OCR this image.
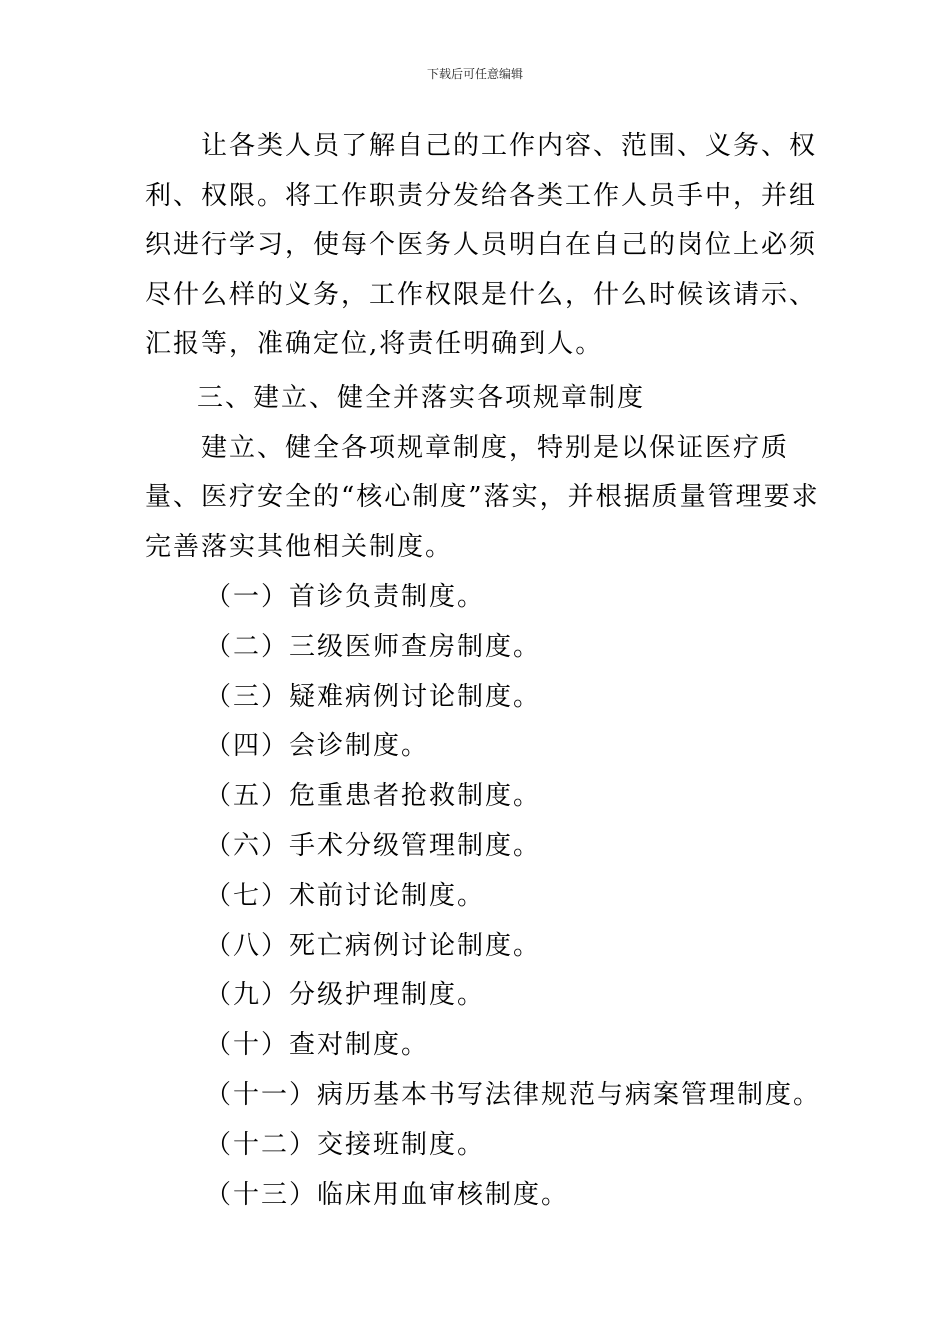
下载后可任意编辑

让各类人员了解自己的工作内容、范围、义务、权利、权限。将工作职责分发给各类工作人员手中，并组织进行学习，使每个医务人员明白在自己的岗位上必须尽什么样的义务，工作权限是什么，什么时候该请示、汇报等，准确定位,将责任明确到人。

三、建立、健全并落实各项规章制度

建立、健全各项规章制度，特别是以保证医疗质量、医疗安全的“核心制度”落实，并根据质量管理要求完善落实其他相关制度。

（一）首诊负责制度。
（二）三级医师查房制度。
（三）疑难病例讨论制度。
（四）会诊制度。
（五）危重患者抢救制度。
（六）手术分级管理制度。
（七）术前讨论制度。
（八）死亡病例讨论制度。
（九）分级护理制度。
（十）查对制度。
（十一）病历基本书写法律规范与病案管理制度。
（十二）交接班制度。
（十三）临床用血审核制度。
